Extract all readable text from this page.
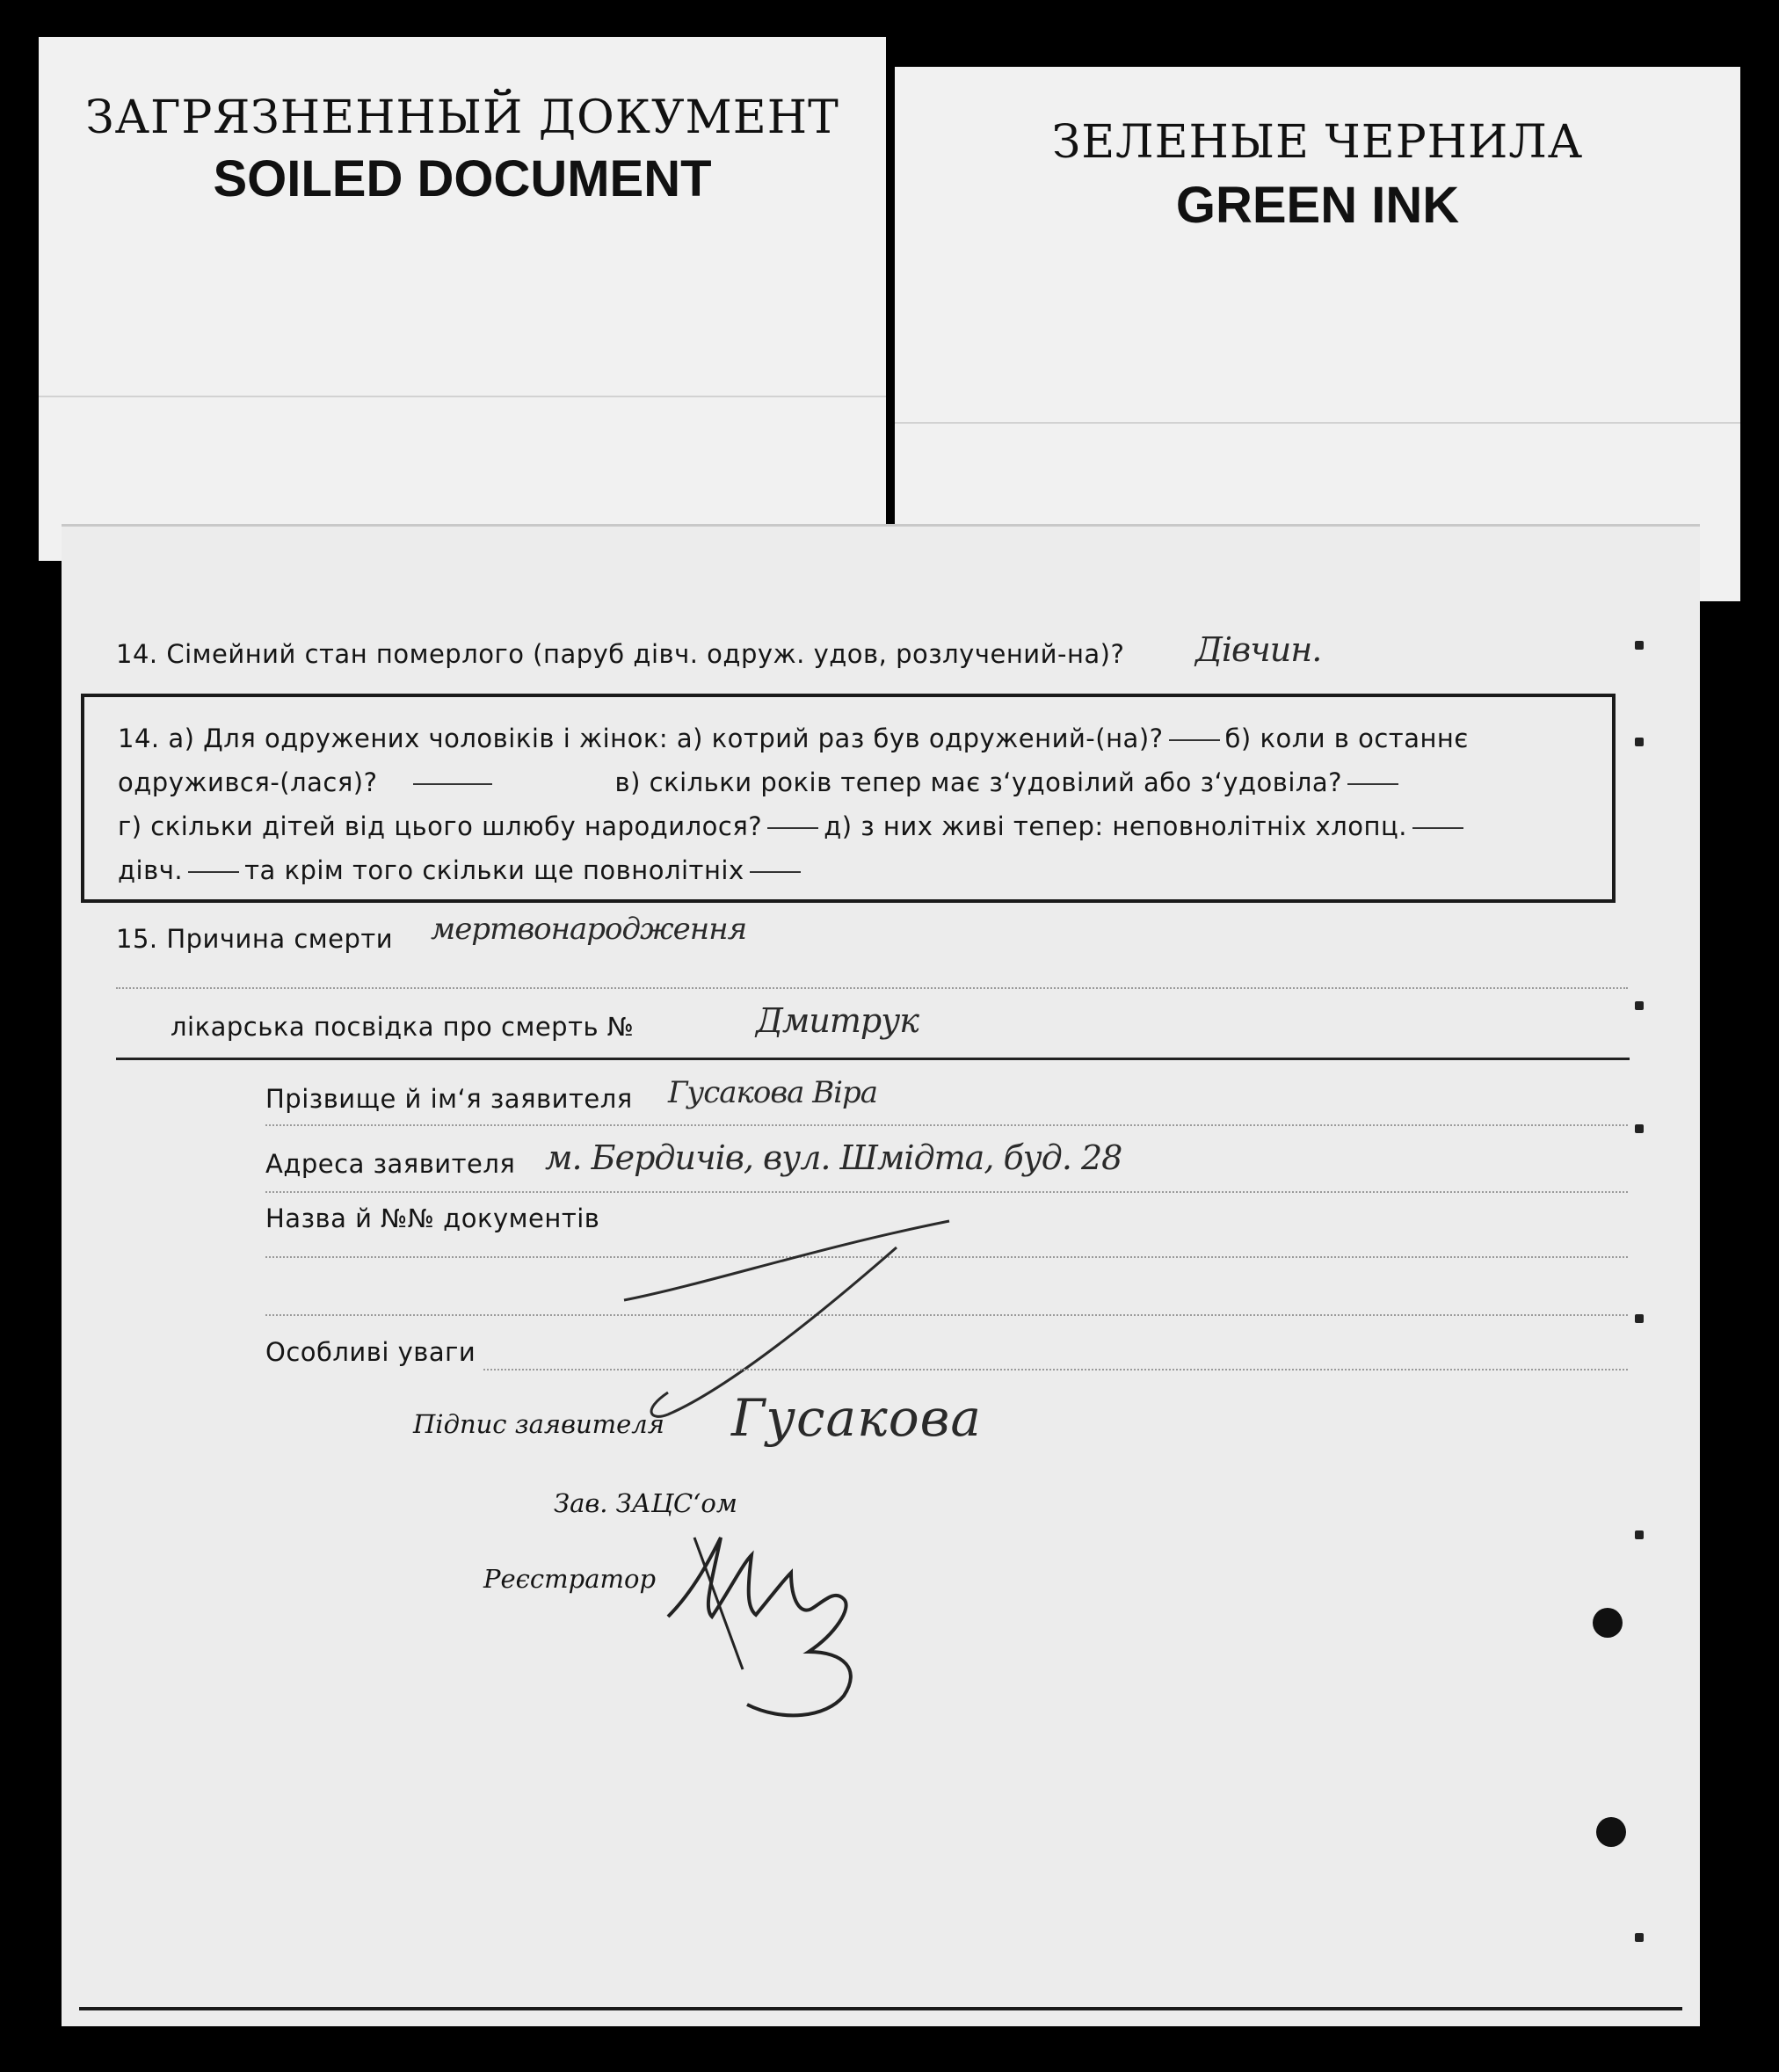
ЗАГРЯЗНЕННЫЙ ДОКУМЕНТ
SOILED DOCUMENT
ЗЕЛЕНЫЕ ЧЕРНИЛА
GREEN INK
14. Сімейний стан померлого (паруб дівч. одруж. удов, розлучений-на)? Дівчин.
14. а) Для одружених чоловіків і жінок: а) котрий раз був одружений-(на)? б) коли в останнє
одружився-(лася)?	в) скільки років тепер має з‘удовілий або з‘удовіла?
г) скільки дітей від цього шлюбу народилося? д) з них живі тепер: неповнолітніх хлопц.
дівч. та крім того скільки ще повнолітніх
15. Причина смерти мертвонародження
лікарська посвідка про смерть №	Дмитрук
Прізвище й ім‘я заявителя Гусакова Віра
Адреса заявителя м. Бердичів, вул. Шмідта, буд. 28
Назва й №№ документів
Особливі уваги
Підпис заявителя Гусакова
Зав. ЗАЦС‘ом
Реєстратор
